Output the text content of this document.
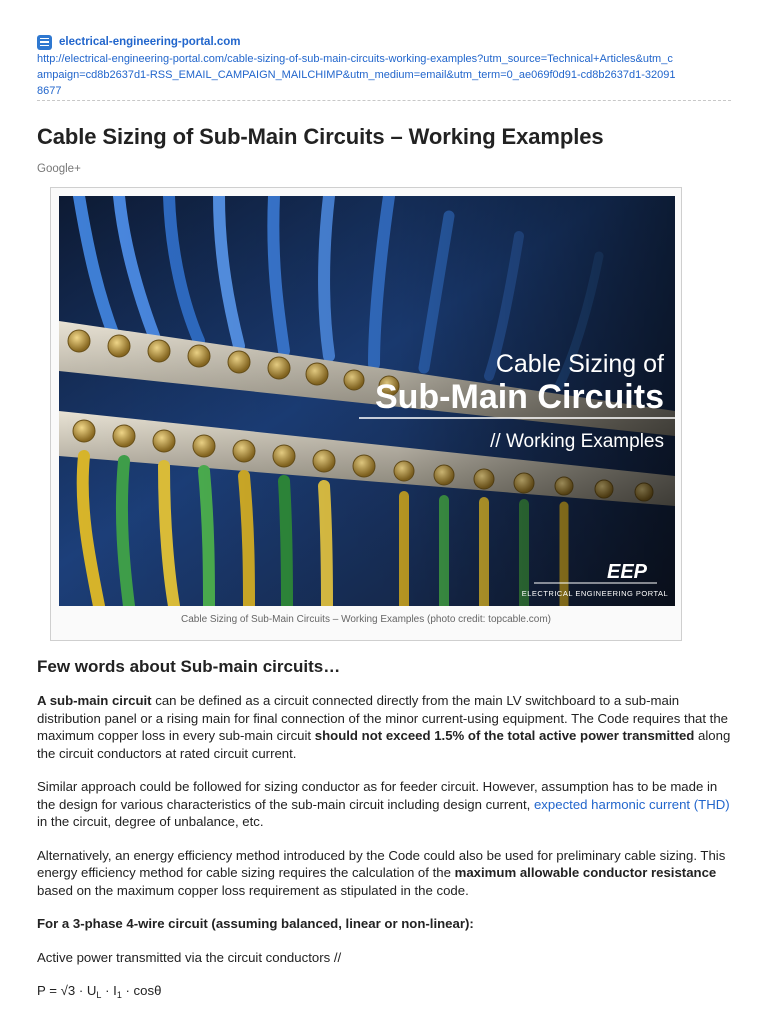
electrical-engineering-portal.com
http://electrical-engineering-portal.com/cable-sizing-of-sub-main-circuits-working-examples?utm_source=Technical+Articles&utm_campaign=cd8b2637d1-RSS_EMAIL_CAMPAIGN_MAILCHIMP&utm_medium=email&utm_term=0_ae069f0d91-cd8b2637d1-320918677
Cable Sizing of Sub-Main Circuits – Working Examples
Google+
Cable Sizing of
Sub-Main Circuits
// Working Examples
EEP
ELECTRICAL ENGINEERING PORTAL
Cable Sizing of Sub-Main Circuits – Working Examples (photo credit: topcable.com)
Few words about Sub-main circuits…

A sub-main circuit can be defined as a circuit connected directly from the main LV switchboard to a sub-main distribution panel or a rising main for final connection of the minor current-using equipment. The Code requires that the maximum copper loss in every sub-main circuit should not exceed 1.5% of the total active power transmitted along the circuit conductors at rated circuit current.

Similar approach could be followed for sizing conductor as for feeder circuit. However, assumption has to be made in the design for various characteristics of the sub-main circuit including design current, expected harmonic current (THD) in the circuit, degree of unbalance, etc.

Alternatively, an energy efficiency method introduced by the Code could also be used for preliminary cable sizing. This energy efficiency method for cable sizing requires the calculation of the maximum allowable conductor resistance based on the maximum copper loss requirement as stipulated in the code.

For a 3-phase 4-wire circuit (assuming balanced, linear or non-linear):

Active power transmitted via the circuit conductors //

$P = √3 \cdot U_L \cdot I_1 \cdot \cos\theta$
